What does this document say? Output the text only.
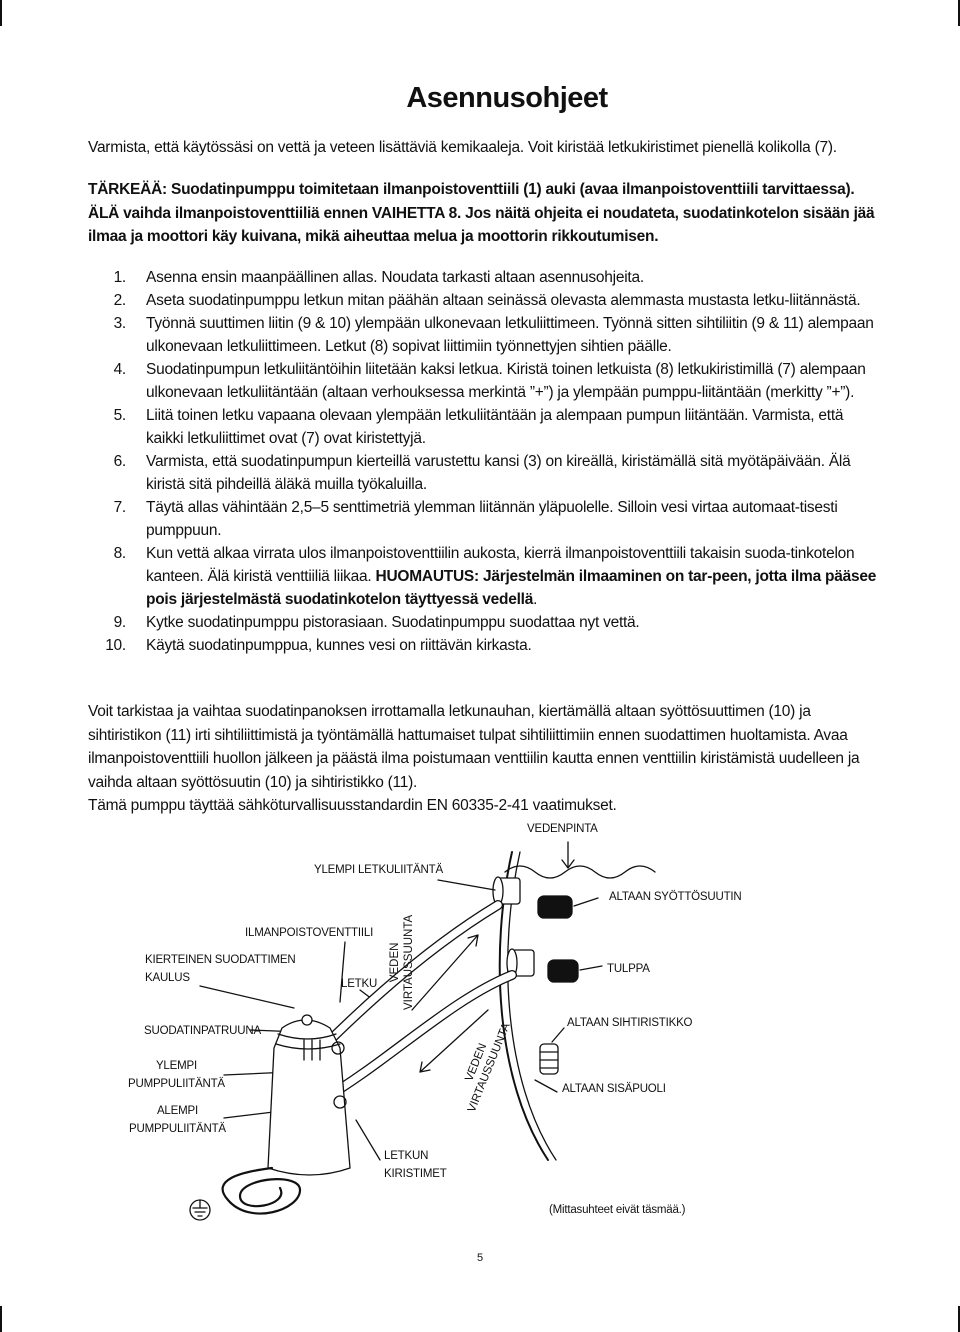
Asennusohjeet
Varmista, että käytössäsi on vettä ja veteen lisättäviä kemikaaleja. Voit kiristää letkukiristimet pienellä kolikolla (7).
TÄRKEÄÄ: Suodatinpumppu toimitetaan ilmanpoistoventtiili (1) auki (avaa ilmanpoistoventtiili tarvittaessa). ÄLÄ vaihda ilmanpoistoventtiiliä ennen VAIHETTA 8. Jos näitä ohjeita ei noudateta, suodatinkotelon sisään jää ilmaa ja moottori käy kuivana, mikä aiheuttaa melua ja moottorin rikkoutumisen.
1. Asenna ensin maanpäällinen allas. Noudata tarkasti altaan asennusohjeita.
2. Aseta suodatinpumppu letkun mitan päähän altaan seinässä olevasta alemmasta mustasta letku-liitännästä.
3. Työnnä suuttimen liitin (9 & 10) ylempään ulkonevaan letkuliittimeen. Työnnä sitten sihtiliitin (9 & 11) alempaan ulkonevaan letkuliittimeen. Letkut (8) sopivat liittimiin työnnettyjen sihtien päälle.
4. Suodatinpumpun letkuliitäntöihin liitetään kaksi letkua. Kiristä toinen letkuista (8) letkukiristimillä (7) alempaan ulkonevaan letkuliitäntään (altaan verhouksessa merkintä ”+”) ja ylempään pumppu-liitäntään (merkitty ”+”).
5. Liitä toinen letku vapaana olevaan ylempään letkuliitäntään ja alempaan pumpun liitäntään. Varmista, että kaikki letkuliittimet ovat (7) ovat kiristettyjä.
6. Varmista, että suodatinpumpun kierteillä varustettu kansi (3) on kireällä, kiristämällä sitä myötäpäivään. Älä kiristä sitä pihdeillä äläkä muilla työkaluilla.
7. Täytä allas vähintään 2,5–5 senttimetriä ylemman liitännän yläpuolelle. Silloin vesi virtaa automaat-tisesti pumppuun.
8. Kun vettä alkaa virrata ulos ilmanpoistoventtiilin aukosta, kierrä ilmanpoistoventtiili takaisin suoda-tinkotelon kanteen. Älä kiristä venttiiliä liikaa. HUOMAUTUS: Järjestelmän ilmaaminen on tar-peen, jotta ilma pääsee pois järjestelmästä suodatinkotelon täyttyessä vedellä.
9. Kytke suodatinpumppu pistorasiaan. Suodatinpumppu suodattaa nyt vettä.
10. Käytä suodatinpumppua, kunnes vesi on riittävän kirkasta.
Voit tarkistaa ja vaihtaa suodatinpanoksen irrottamalla letkunauhan, kiertämällä altaan syöttösuuttimen (10) ja sihtiristikon (11) irti sihtiliittimistä ja työntämällä hattumaiset tulpat sihtiliittimiin ennen suodattimen huoltamista. Avaa ilmanpoistoventtiili huollon jälkeen ja päästä ilma poistumaan venttiilin kautta ennen venttiilin kiristämistä uudelleen ja vaihda altaan syöttösuutin (10) ja sihtiristikko (11).
Tämä pumppu täyttää sähköturvallisuusstandardin EN 60335-2-41 vaatimukset.
VEDENPINTA
YLEMPI LETKULIITÄNTÄ
ALTAAN SYÖTTÖSUUTIN
ILMANPOISTOVENTTIILI
KIERTEINEN SUODATTIMEN
KAULUS	LETKU
TULPPA
SUODATINPATRUUNA
ALTAAN SIHTIRISTIKKO
YLEMPI
PUMPPULIITÄNTÄ	ALTAAN SISÄPUOLI
ALEMPI
PUMPPULIITÄNTÄ
LETKUN
KIRISTIMET
(Mittasuhteet eivät täsmää.)
VEDEN
VIRTAUSSUUNTA
VEDEN
VIRTAUSSUUNTA
5
